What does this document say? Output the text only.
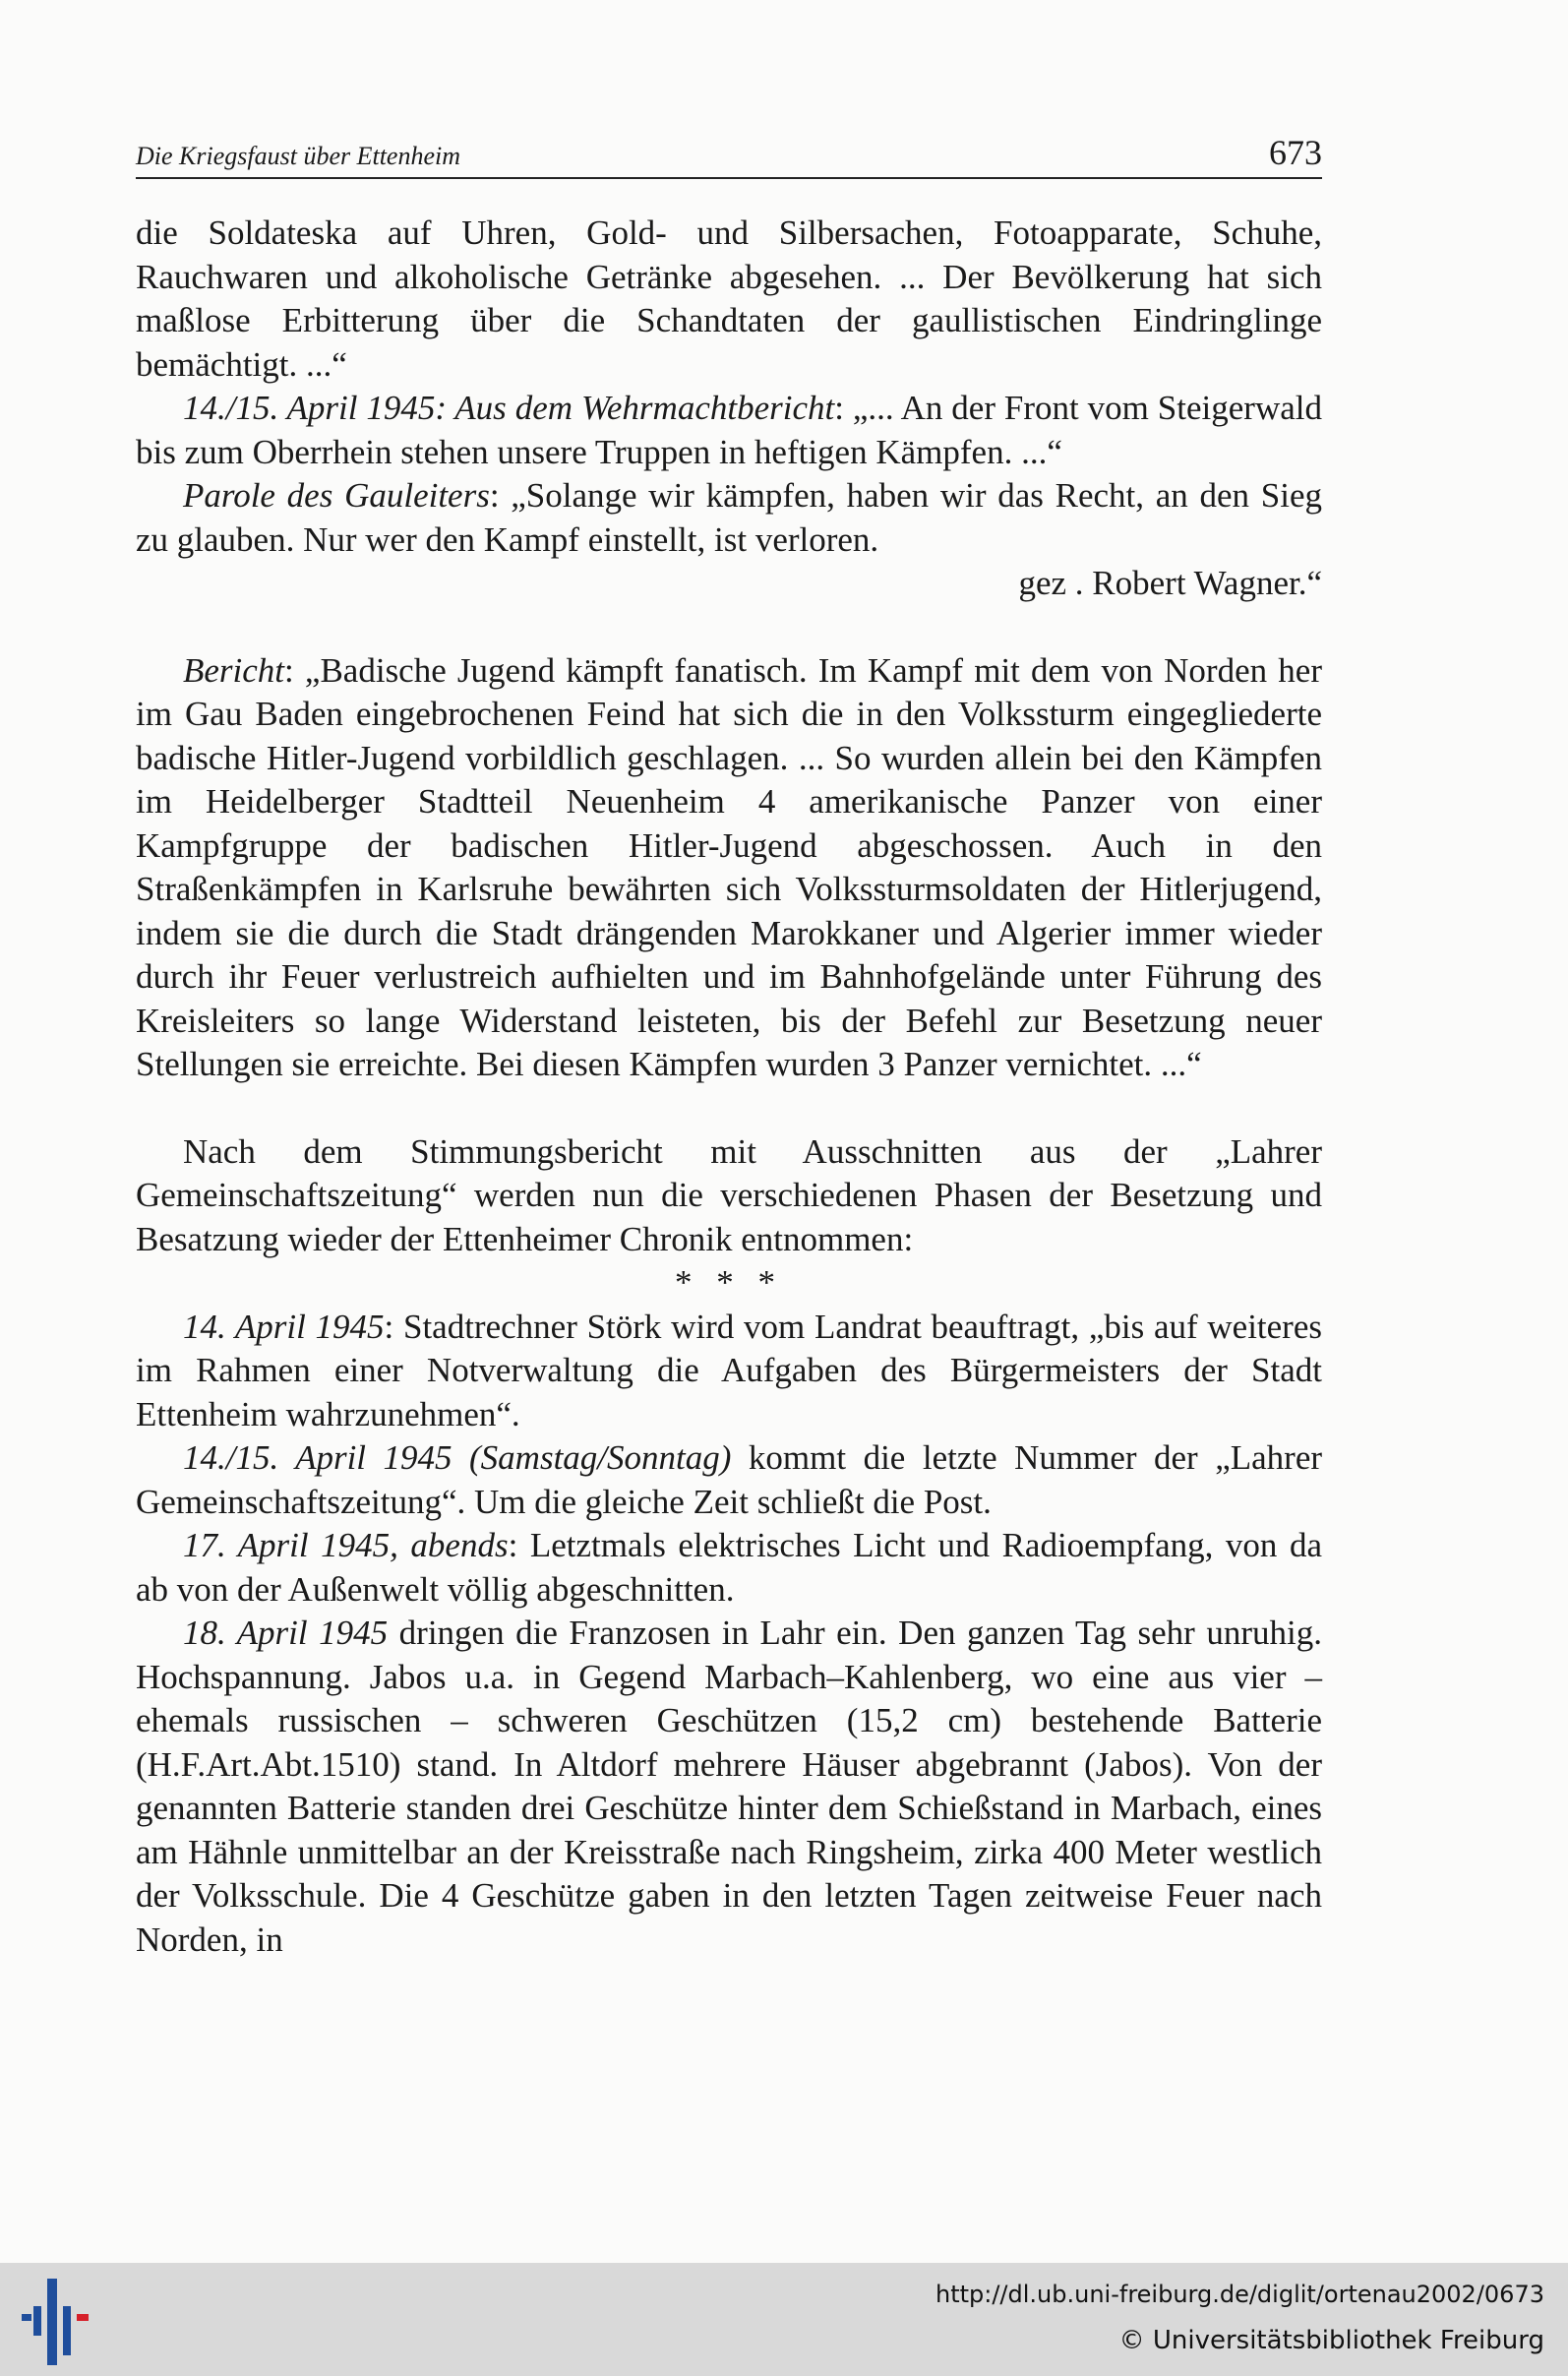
Die Kriegsfaust über Ettenheim	673

die Soldateska auf Uhren, Gold- und Silbersachen, Fotoapparate, Schuhe, Rauchwaren und alkoholische Getränke abgesehen. ... Der Bevölkerung hat sich maßlose Erbitterung über die Schandtaten der gaullistischen Eindringlinge bemächtigt. ...“

14./15. April 1945: Aus dem Wehrmachtbericht: „... An der Front vom Steigerwald bis zum Oberrhein stehen unsere Truppen in heftigen Kämpfen. ...“

Parole des Gauleiters: „Solange wir kämpfen, haben wir das Recht, an den Sieg zu glauben. Nur wer den Kampf einstellt, ist verloren.

gez . Robert Wagner.“

Bericht: „Badische Jugend kämpft fanatisch. Im Kampf mit dem von Norden her im Gau Baden eingebrochenen Feind hat sich die in den Volkssturm eingegliederte badische Hitler-Jugend vorbildlich geschlagen. ... So wurden allein bei den Kämpfen im Heidelberger Stadtteil Neuenheim 4 amerikanische Panzer von einer Kampfgruppe der badischen Hitler-Jugend abgeschossen. Auch in den Straßenkämpfen in Karlsruhe bewährten sich Volkssturmsoldaten der Hitlerjugend, indem sie die durch die Stadt drängenden Marokkaner und Algerier immer wieder durch ihr Feuer verlustreich aufhielten und im Bahnhofgelände unter Führung des Kreisleiters so lange Widerstand leisteten, bis der Befehl zur Besetzung neuer Stellungen sie erreichte. Bei diesen Kämpfen wurden 3 Panzer vernichtet. ...“

Nach dem Stimmungsbericht mit Ausschnitten aus der „Lahrer Gemeinschaftszeitung“ werden nun die verschiedenen Phasen der Besetzung und Besatzung wieder der Ettenheimer Chronik entnommen:

* * *

14. April 1945: Stadtrechner Störk wird vom Landrat beauftragt, „bis auf weiteres im Rahmen einer Notverwaltung die Aufgaben des Bürgermeisters der Stadt Ettenheim wahrzunehmen“.

14./15. April 1945 (Samstag/Sonntag) kommt die letzte Nummer der „Lahrer Gemeinschaftszeitung“. Um die gleiche Zeit schließt die Post.

17. April 1945, abends: Letztmals elektrisches Licht und Radioempfang, von da ab von der Außenwelt völlig abgeschnitten.

18. April 1945 dringen die Franzosen in Lahr ein. Den ganzen Tag sehr unruhig. Hochspannung. Jabos u.a. in Gegend Marbach–Kahlenberg, wo eine aus vier – ehemals russischen – schweren Geschützen (15,2 cm) bestehende Batterie (H.F.Art.Abt.1510) stand. In Altdorf mehrere Häuser abgebrannt (Jabos). Von der genannten Batterie standen drei Geschütze hinter dem Schießstand in Marbach, eines am Hähnle unmittelbar an der Kreisstraße nach Ringsheim, zirka 400 Meter westlich der Volksschule. Die 4 Geschütze gaben in den letzten Tagen zeitweise Feuer nach Norden, in

http://dl.ub.uni-freiburg.de/diglit/ortenau2002/0673
© Universitätsbibliothek Freiburg
